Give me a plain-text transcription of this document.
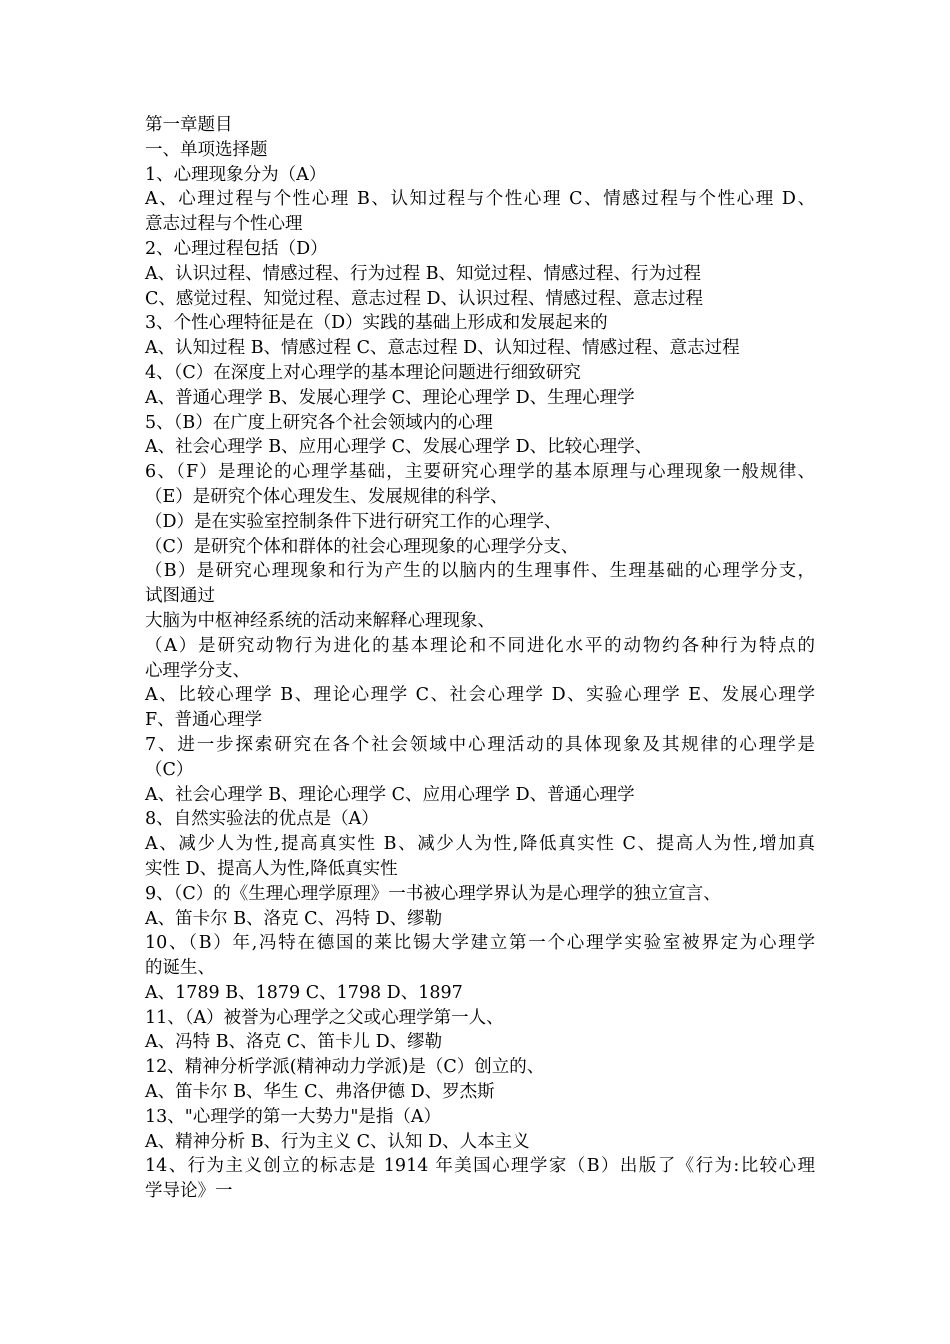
第一章题目
一、单项选择题
1、心理现象分为（A）
A、心理过程与个性心理 B、认知过程与个性心理 C、情感过程与个性心理 D、
意志过程与个性心理
2、心理过程包括（D）
A、认识过程、情感过程、行为过程 B、知觉过程、情感过程、行为过程
C、感觉过程、知觉过程、意志过程 D、认识过程、情感过程、意志过程
3、个性心理特征是在（D）实践的基础上形成和发展起来的
A、认知过程 B、情感过程 C、意志过程 D、认知过程、情感过程、意志过程
4、（C）在深度上对心理学的基本理论问题进行细致研究
A、普通心理学 B、发展心理学 C、理论心理学 D、生理心理学
5、（B）在广度上研究各个社会领域内的心理
A、社会心理学 B、应用心理学 C、发展心理学 D、比较心理学、
6、（F）是理论的心理学基础，主要研究心理学的基本原理与心理现象一般规律、
（E）是研究个体心理发生、发展规律的科学、
（D）是在实验室控制条件下进行研究工作的心理学、
（C）是研究个体和群体的社会心理现象的心理学分支、
（B）是研究心理现象和行为产生的以脑内的生理事件、生理基础的心理学分支，
试图通过
大脑为中枢神经系统的活动来解释心理现象、
（A）是研究动物行为进化的基本理论和不同进化水平的动物约各种行为特点的
心理学分支、
A、比较心理学 B、理论心理学 C、社会心理学 D、实验心理学 E、发展心理学
F、普通心理学
7、进一步探索研究在各个社会领域中心理活动的具体现象及其规律的心理学是
（C）
A、社会心理学 B、理论心理学 C、应用心理学 D、普通心理学
8、自然实验法的优点是（A）
A、减少人为性,提高真实性 B、减少人为性,降低真实性 C、提高人为性,增加真
实性 D、提高人为性,降低真实性
9、（C）的《生理心理学原理》一书被心理学界认为是心理学的独立宣言、
A、笛卡尔 B、洛克 C、冯特 D、缪勒
10、（B）年,冯特在德国的莱比锡大学建立第一个心理学实验室被界定为心理学
的诞生、
A、1789 B、1879 C、1798 D、1897
11、（A）被誉为心理学之父或心理学第一人、
A、冯特 B、洛克 C、笛卡儿 D、缪勒
12、精神分析学派(精神动力学派)是（C）创立的、
A、笛卡尔 B、华生 C、弗洛伊德 D、罗杰斯
13、"心理学的第一大势力"是指（A）
A、精神分析 B、行为主义 C、认知 D、人本主义
14、行为主义创立的标志是 1914 年美国心理学家（B）出版了《行为:比较心理
学导论》一
